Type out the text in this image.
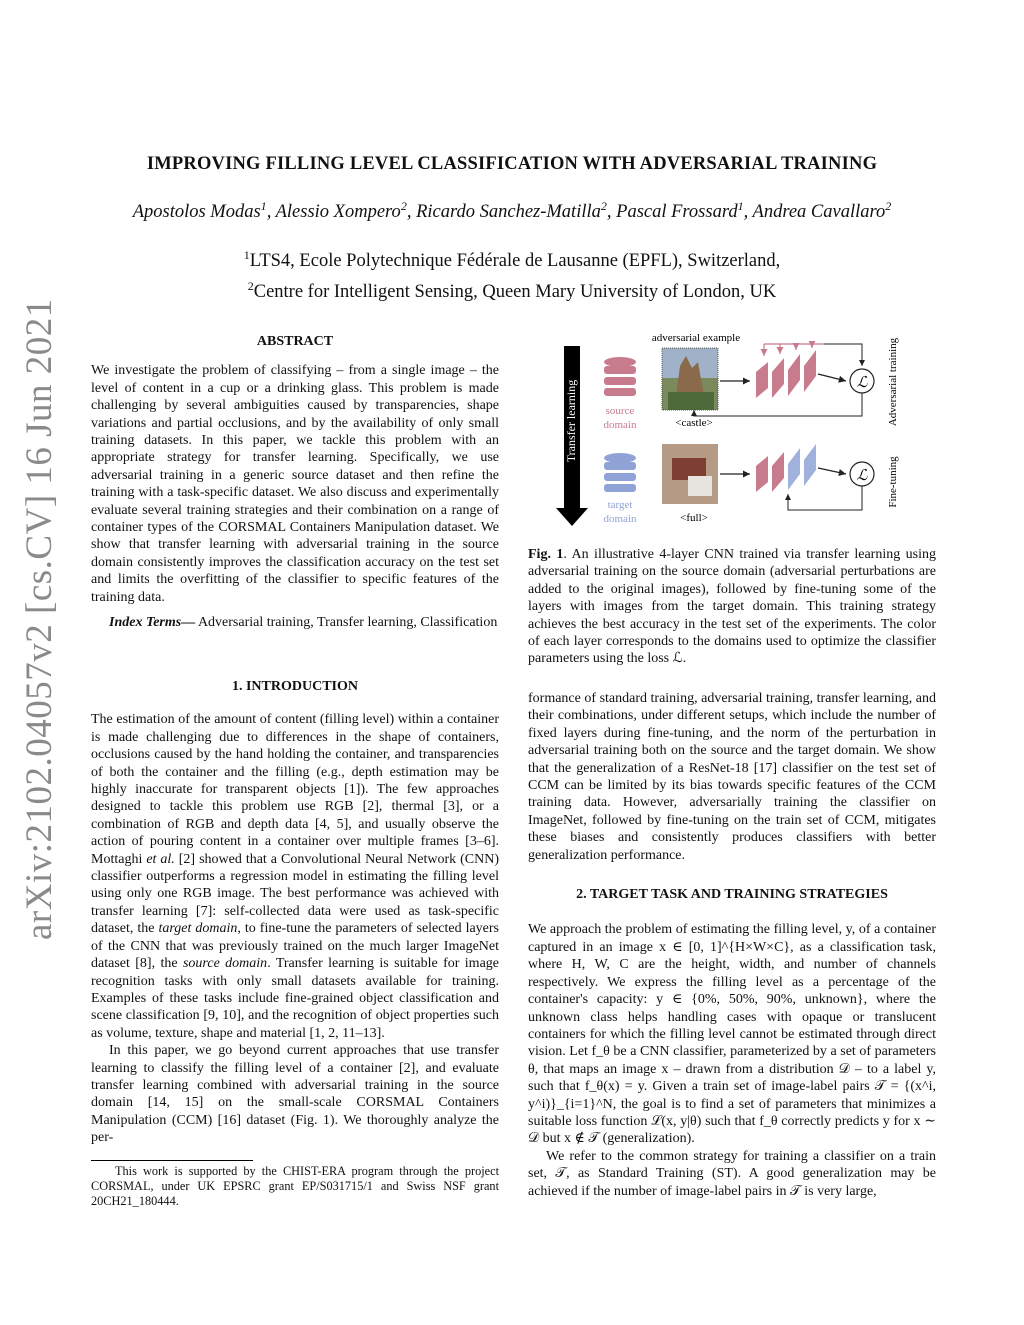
arXiv:2102.04057v2 [cs.CV] 16 Jun 2021
IMPROVING FILLING LEVEL CLASSIFICATION WITH ADVERSARIAL TRAINING
Apostolos Modas$^1$, Alessio Xompero$^2$, Ricardo Sanchez-Matilla$^2$, Pascal Frossard$^1$, Andrea Cavallaro$^2$
$^1$LTS4, Ecole Polytechnique Fédérale de Lausanne (EPFL), Switzerland,
$^2$Centre for Intelligent Sensing, Queen Mary University of London, UK
ABSTRACT

We investigate the problem of classifying – from a single image – the level of content in a cup or a drinking glass. This problem is made challenging by several ambiguities caused by transparencies, shape variations and partial occlusions, and by the availability of only small training datasets. In this paper, we tackle this problem with an appropriate strategy for transfer learning. Specifically, we use adversarial training in a generic source dataset and then refine the training with a task-specific dataset. We also discuss and experimentally evaluate several training strategies and their combination on a range of container types of the CORSMAL Containers Manipulation dataset. We show that transfer learning with adversarial training in the source domain consistently improves the classification accuracy on the test set and limits the overfitting of the classifier to specific features of the training data.

Index Terms— Adversarial training, Transfer learning, Classification

1. INTRODUCTION

The estimation of the amount of content (filling level) within a container is made challenging due to differences in the shape of containers, occlusions caused by the hand holding the container, and transparencies of both the container and the filling (e.g., depth estimation may be highly inaccurate for transparent objects [1]). The few approaches designed to tackle this problem use RGB [2], thermal [3], or a combination of RGB and depth data [4, 5], and usually observe the action of pouring content in a container over multiple frames [3–6]. Mottaghi et al. [2] showed that a Convolutional Neural Network (CNN) classifier outperforms a regression model in estimating the filling level using only one RGB image. The best performance was achieved with transfer learning [7]: self-collected data were used as task-specific dataset, the target domain, to fine-tune the parameters of selected layers of the CNN that was previously trained on the much larger ImageNet dataset [8], the source domain. Transfer learning is suitable for image recognition tasks with only small datasets available for training. Examples of these tasks include fine-grained object classification and scene classification [9, 10], and the recognition of object properties such as volume, texture, shape and material [1, 2, 11–13].

In this paper, we go beyond current approaches that use transfer learning to classify the filling level of a container [2], and evaluate transfer learning combined with adversarial training in the source domain [14, 15] on the small-scale CORSMAL Containers Manipulation (CCM) [16] dataset (Fig. 1). We thoroughly analyze the per-

This work is supported by the CHIST-ERA program through the project CORSMAL, under UK EPSRC grant EP/S031715/1 and Swiss NSF grant 20CH21_180444.
Transfer learning	source
domain
target
domain
adversarial example
<castle>
<full>
ℒ
ℒ
Adversarial training
Fine-tuning

Fig. 1. An illustrative 4-layer CNN trained via transfer learning using adversarial training on the source domain (adversarial perturbations are added to the original images), followed by fine-tuning some of the layers with images from the target domain. This training strategy achieves the best accuracy in the test set of the experiments. The color of each layer corresponds to the domains used to optimize the classifier parameters using the loss ℒ.

formance of standard training, adversarial training, transfer learning, and their combinations, under different setups, which include the number of fixed layers during fine-tuning, and the norm of the perturbation in adversarial training both on the source and the target domain. We show that the generalization of a ResNet-18 [17] classifier on the test set of CCM can be limited by its bias towards specific features of the CCM training data. However, adversarially training the classifier on ImageNet, followed by fine-tuning on the train set of CCM, mitigates these biases and consistently produces classifiers with better generalization performance.

2. TARGET TASK AND TRAINING STRATEGIES

We approach the problem of estimating the filling level, y, of a container captured in an image x ∈ [0, 1]^{H×W×C}, as a classification task, where H, W, C are the height, width, and number of channels respectively. We express the filling level as a percentage of the container's capacity: y ∈ {0%, 50%, 90%, unknown}, where the unknown class helps handling cases with opaque or translucent containers for which the filling level cannot be estimated through direct vision. Let f_θ be a CNN classifier, parameterized by a set of parameters θ, that maps an image x – drawn from a distribution 𝒟 – to a label y, such that f_θ(x) = y. Given a train set of image-label pairs 𝒯 = {(x^i, y^i)}_{i=1}^N, the goal is to find a set of parameters that minimizes a suitable loss function ℒ(x, y|θ) such that f_θ correctly predicts y for x ∼ 𝒟 but x ∉ 𝒯 (generalization).

We refer to the common strategy for training a classifier on a train set, 𝒯, as Standard Training (ST). A good generalization may be achieved if the number of image-label pairs in 𝒯 is very large,
